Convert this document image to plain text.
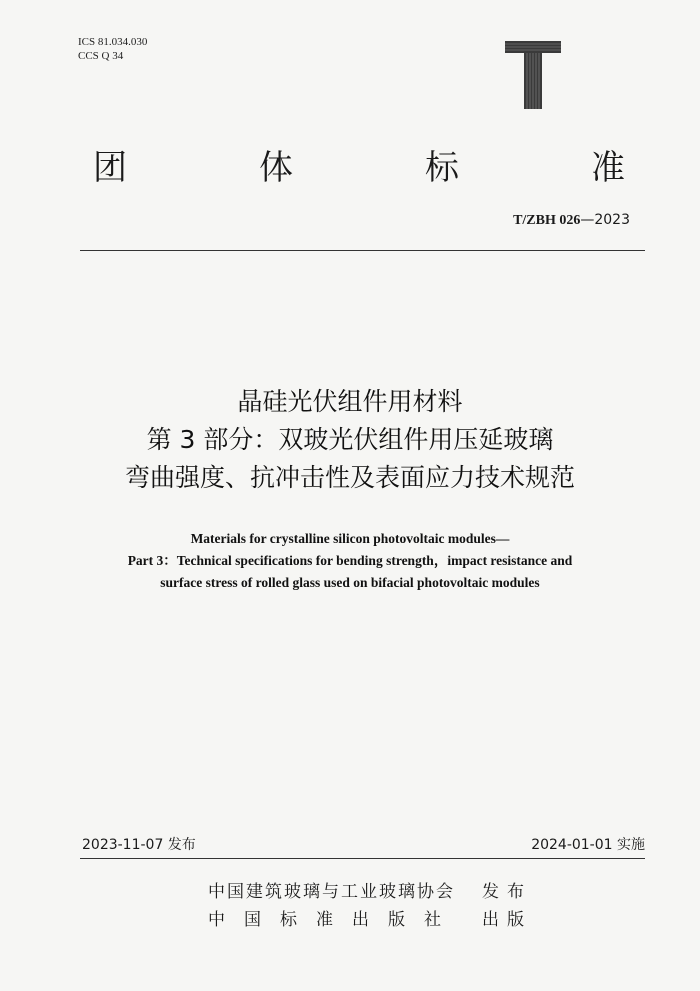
ICS 81.034.030
CCS Q 34
团	体	标	准
T/ZBH 026—2023
晶硅光伏组件用材料
第 3 部分：双玻光伏组件用压延玻璃
弯曲强度、抗冲击性及表面应力技术规范
Materials for crystalline silicon photovoltaic modules—
Part 3：Technical specifications for bending strength，impact resistance and
surface stress of rolled glass used on bifacial photovoltaic modules
2023-11-07 发布	2024-01-01 实施
中国建筑玻璃与工业玻璃协会 发布
中国标准出版社 出版
